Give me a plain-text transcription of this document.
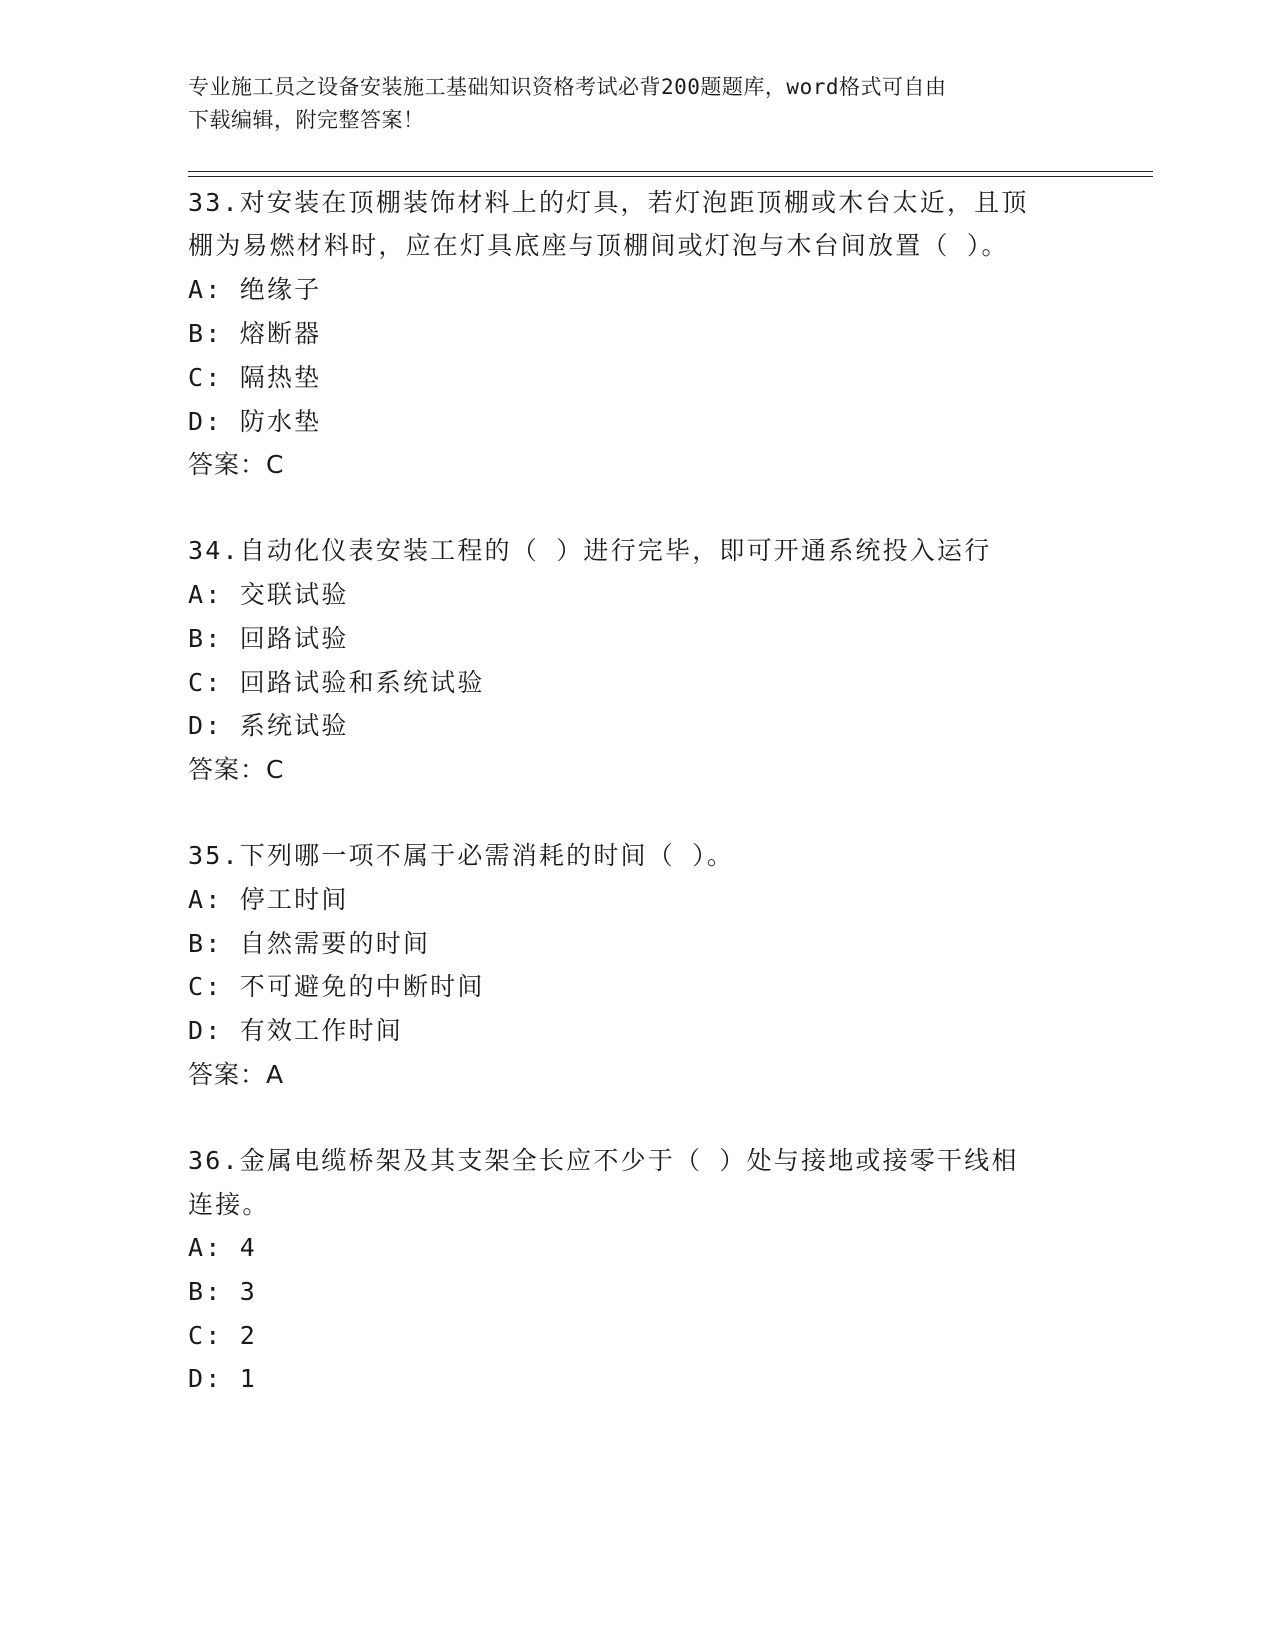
专业施工员之设备安装施工基础知识资格考试必背200题题库，word格式可自由
下载编辑，附完整答案！
33.对安装在顶棚装饰材料上的灯具，若灯泡距顶棚或木台太近，且顶
棚为易燃材料时，应在灯具底座与顶棚间或灯泡与木台间放置（ ）。
A: 绝缘子
B: 熔断器
C: 隔热垫
D: 防水垫
答案：C
34.自动化仪表安装工程的（ ）进行完毕，即可开通系统投入运行
A: 交联试验
B: 回路试验
C: 回路试验和系统试验
D: 系统试验
答案：C
35.下列哪一项不属于必需消耗的时间（ ）。
A: 停工时间
B: 自然需要的时间
C: 不可避免的中断时间
D: 有效工作时间
答案：A
36.金属电缆桥架及其支架全长应不少于（ ）处与接地或接零干线相
连接。
A: 4
B: 3
C: 2
D: 1
